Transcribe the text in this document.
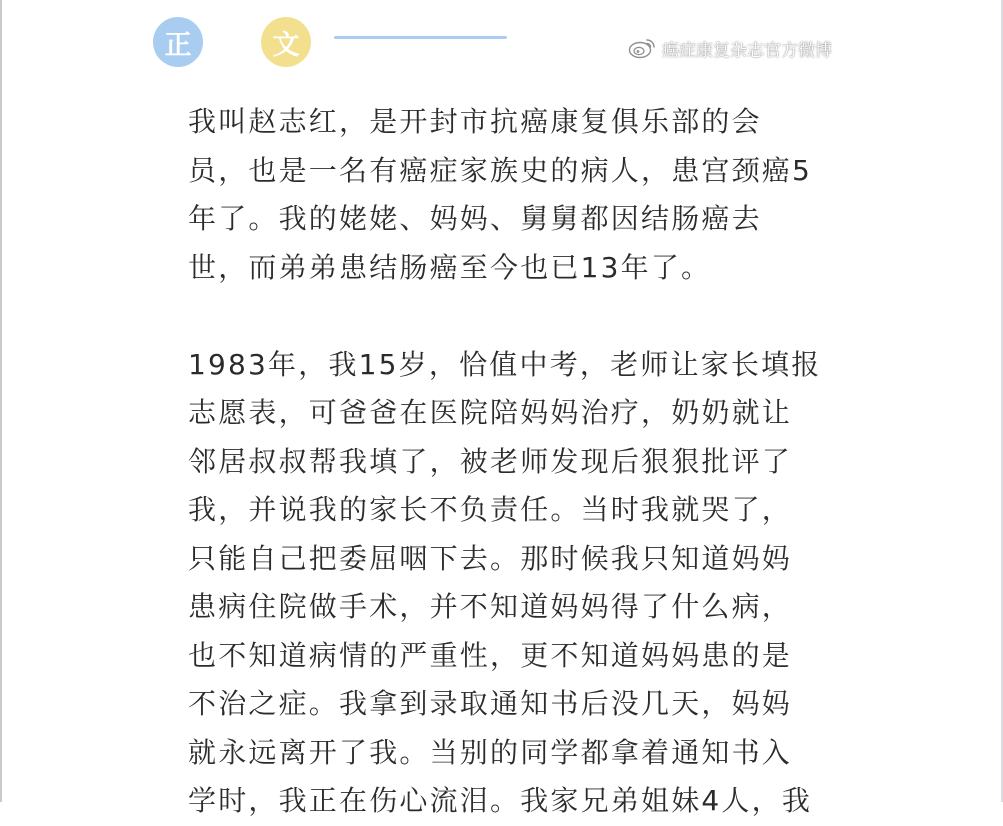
正	文	癌症康复杂志官方微博
我叫赵志红，是开封市抗癌康复俱乐部的会
员，也是一名有癌症家族史的病人，患宫颈癌5
年了。我的姥姥、妈妈、舅舅都因结肠癌去
世，而弟弟患结肠癌至今也已13年了。
1983年，我15岁，恰值中考，老师让家长填报
志愿表，可爸爸在医院陪妈妈治疗，奶奶就让
邻居叔叔帮我填了，被老师发现后狠狠批评了
我，并说我的家长不负责任。当时我就哭了，
只能自己把委屈咽下去。那时候我只知道妈妈
患病住院做手术，并不知道妈妈得了什么病，
也不知道病情的严重性，更不知道妈妈患的是
不治之症。我拿到录取通知书后没几天，妈妈
就永远离开了我。当别的同学都拿着通知书入
学时，我正在伤心流泪。我家兄弟姐妹4人，我
